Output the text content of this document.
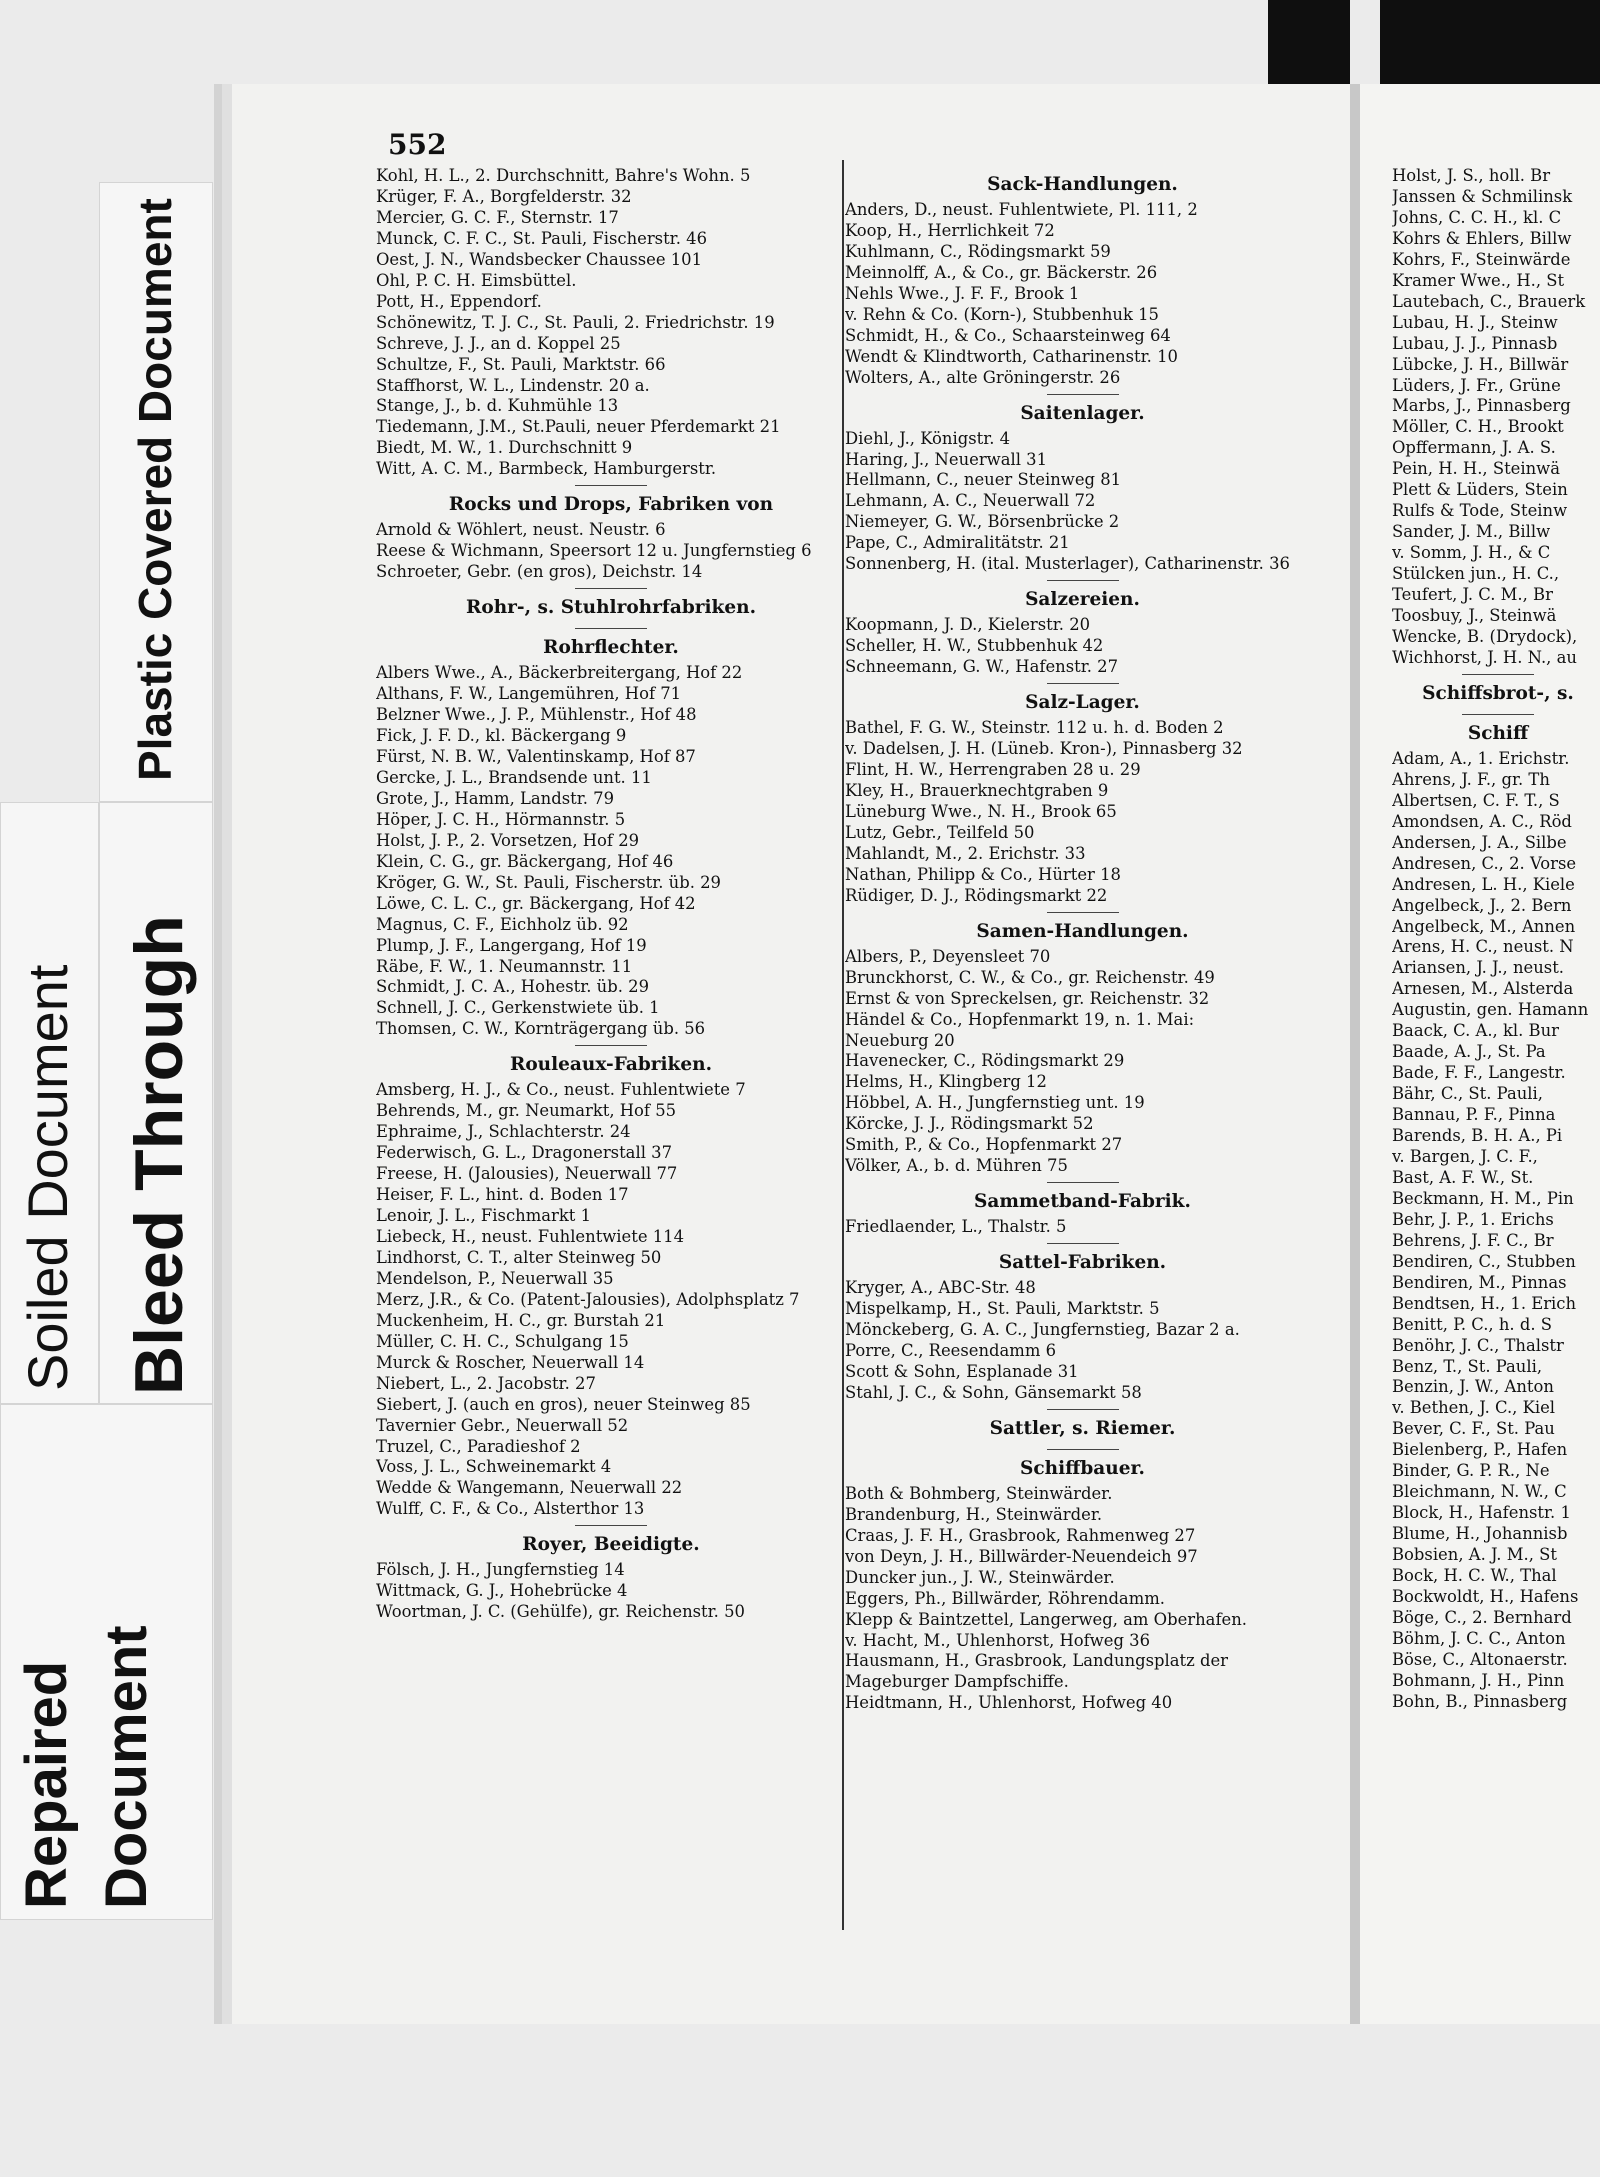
Plastic Covered Document
Soiled Document Bleed Through
Repaired Document
552
Kohl, H. L., 2. Durchschnitt, Bahre's Wohn. 5
Krüger, F. A., Borgfelderstr. 32
Mercier, G. C. F., Sternstr. 17
Munck, C. F. C., St. Pauli, Fischerstr. 46
Oest, J. N., Wandsbecker Chaussee 101
Ohl, P. C. H. Eimsbüttel.
Pott, H., Eppendorf.
Schönewitz, T. J. C., St. Pauli, 2. Friedrichstr. 19
Schreve, J. J., an d. Koppel 25
Schultze, F., St. Pauli, Marktstr. 66
Staffhorst, W. L., Lindenstr. 20 a.
Stange, J., b. d. Kuhmühle 13
Tiedemann, J.M., St.Pauli, neuer Pferdemarkt 21
Biedt, M. W., 1. Durchschnitt 9
Witt, A. C. M., Barmbeck, Hamburgerstr.
Rocks und Drops, Fabriken von
Arnold & Wöhlert, neust. Neustr. 6
Reese & Wichmann, Speersort 12 u. Jungfernstieg 6
Schroeter, Gebr. (en gros), Deichstr. 14
Rohr-, s. Stuhlrohrfabriken.
Rohrflechter.
Albers Wwe., A., Bäckerbreitergang, Hof 22
Althans, F. W., Langemühren, Hof 71
Belzner Wwe., J. P., Mühlenstr., Hof 48
Fick, J. F. D., kl. Bäckergang 9
Fürst, N. B. W., Valentinskamp, Hof 87
Gercke, J. L., Brandsende unt. 11
Grote, J., Hamm, Landstr. 79
Höper, J. C. H., Hörmannstr. 5
Holst, J. P., 2. Vorsetzen, Hof 29
Klein, C. G., gr. Bäckergang, Hof 46
Kröger, G. W., St. Pauli, Fischerstr. üb. 29
Löwe, C. L. C., gr. Bäckergang, Hof 42
Magnus, C. F., Eichholz üb. 92
Plump, J. F., Langergang, Hof 19
Räbe, F. W., 1. Neumannstr. 11
Schmidt, J. C. A., Hohestr. üb. 29
Schnell, J. C., Gerkenstwiete üb. 1
Thomsen, C. W., Kornträgergang üb. 56
Rouleaux-Fabriken.
Amsberg, H. J., & Co., neust. Fuhlentwiete 7
Behrends, M., gr. Neumarkt, Hof 55
Ephraime, J., Schlachterstr. 24
Federwisch, G. L., Dragonerstall 37
Freese, H. (Jalousies), Neuerwall 77
Heiser, F. L., hint. d. Boden 17
Lenoir, J. L., Fischmarkt 1
Liebeck, H., neust. Fuhlentwiete 114
Lindhorst, C. T., alter Steinweg 50
Mendelson, P., Neuerwall 35
Merz, J.R., & Co. (Patent-Jalousies), Adolphsplatz 7
Muckenheim, H. C., gr. Burstah 21
Müller, C. H. C., Schulgang 15
Murck & Roscher, Neuerwall 14
Niebert, L., 2. Jacobstr. 27
Siebert, J. (auch en gros), neuer Steinweg 85
Tavernier Gebr., Neuerwall 52
Truzel, C., Paradieshof 2
Voss, J. L., Schweinemarkt 4
Wedde & Wangemann, Neuerwall 22
Wulff, C. F., & Co., Alsterthor 13
Royer, Beeidigte.
Fölsch, J. H., Jungfernstieg 14
Wittmack, G. J., Hohebrücke 4
Woortman, J. C. (Gehülfe), gr. Reichenstr. 50
Sack-Handlungen.
Anders, D., neust. Fuhlentwiete, Pl. 111, 2
Koop, H., Herrlichkeit 72
Kuhlmann, C., Rödingsmarkt 59
Meinnolff, A., & Co., gr. Bäckerstr. 26
Nehls Wwe., J. F. F., Brook 1
v. Rehn & Co. (Korn-), Stubbenhuk 15
Schmidt, H., & Co., Schaarsteinweg 64
Wendt & Klindtworth, Catharinenstr. 10
Wolters, A., alte Gröningerstr. 26
Saitenlager.
Diehl, J., Königstr. 4
Haring, J., Neuerwall 31
Hellmann, C., neuer Steinweg 81
Lehmann, A. C., Neuerwall 72
Niemeyer, G. W., Börsenbrücke 2
Pape, C., Admiralitätstr. 21
Sonnenberg, H. (ital. Musterlager), Catharinenstr. 36
Salzereien.
Koopmann, J. D., Kielerstr. 20
Scheller, H. W., Stubbenhuk 42
Schneemann, G. W., Hafenstr. 27
Salz-Lager.
Bathel, F. G. W., Steinstr. 112 u. h. d. Boden 2
v. Dadelsen, J. H. (Lüneb. Kron-), Pinnasberg 32
Flint, H. W., Herrengraben 28 u. 29
Kley, H., Brauerknechtgraben 9
Lüneburg Wwe., N. H., Brook 65
Lutz, Gebr., Teilfeld 50
Mahlandt, M., 2. Erichstr. 33
Nathan, Philipp & Co., Hürter 18
Rüdiger, D. J., Rödingsmarkt 22
Samen-Handlungen.
Albers, P., Deyensleet 70
Brunckhorst, C. W., & Co., gr. Reichenstr. 49
Ernst & von Spreckelsen, gr. Reichenstr. 32
Händel & Co., Hopfenmarkt 19, n. 1. Mai:
Neueburg 20
Havenecker, C., Rödingsmarkt 29
Helms, H., Klingberg 12
Höbbel, A. H., Jungfernstieg unt. 19
Körcke, J. J., Rödingsmarkt 52
Smith, P., & Co., Hopfenmarkt 27
Völker, A., b. d. Mühren 75
Sammetband-Fabrik.
Friedlaender, L., Thalstr. 5
Sattel-Fabriken.
Kryger, A., ABC-Str. 48
Mispelkamp, H., St. Pauli, Marktstr. 5
Mönckeberg, G. A. C., Jungfernstieg, Bazar 2 a.
Porre, C., Reesendamm 6
Scott & Sohn, Esplanade 31
Stahl, J. C., & Sohn, Gänsemarkt 58
Sattler, s. Riemer.
Schiffbauer.
Both & Bohmberg, Steinwärder.
Brandenburg, H., Steinwärder.
Craas, J. F. H., Grasbrook, Rahmenweg 27
von Deyn, J. H., Billwärder-Neuendeich 97
Duncker jun., J. W., Steinwärder.
Eggers, Ph., Billwärder, Röhrendamm.
Klepp & Baintzettel, Langerweg, am Oberhafen.
v. Hacht, M., Uhlenhorst, Hofweg 36
Hausmann, H., Grasbrook, Landungsplatz der
Mageburger Dampfschiffe.
Heidtmann, H., Uhlenhorst, Hofweg 40
Holst, J. S., holl. Br
Janssen & Schmilinsk
Johns, C. C. H., kl. C
Kohrs & Ehlers, Billw
Kohrs, F., Steinwärde
Kramer Wwe., H., St
Lautebach, C., Brauerk
Lubau, H. J., Steinw
Lubau, J. J., Pinnasb
Lübcke, J. H., Billwär
Lüders, J. Fr., Grüne
Marbs, J., Pinnasberg
Möller, C. H., Brookt
Opffermann, J. A. S.
Pein, H. H., Steinwä
Plett & Lüders, Stein
Rulfs & Tode, Steinw
Sander, J. M., Billw
v. Somm, J. H., & C
Stülcken jun., H. C.,
Teufert, J. C. M., Br
Toosbuy, J., Steinwä
Wencke, B. (Drydock),
Wichhorst, J. H. N., au
Schiffsbrot-, s.
Schiff
Adam, A., 1. Erichstr.
Ahrens, J. F., gr. Th
Albertsen, C. F. T., S
Amondsen, A. C., Röd
Andersen, J. A., Silbe
Andresen, C., 2. Vorse
Andresen, L. H., Kiele
Angelbeck, J., 2. Bern
Angelbeck, M., Annen
Arens, H. C., neust. N
Ariansen, J. J., neust.
Arnesen, M., Alsterda
Augustin, gen. Hamann
Baack, C. A., kl. Bur
Baade, A. J., St. Pa
Bade, F. F., Langestr.
Bähr, C., St. Pauli,
Bannau, P. F., Pinna
Barends, B. H. A., Pi
v. Bargen, J. C. F.,
Bast, A. F. W., St.
Beckmann, H. M., Pin
Behr, J. P., 1. Erichs
Behrens, J. F. C., Br
Bendiren, C., Stubben
Bendiren, M., Pinnas
Bendtsen, H., 1. Erich
Benitt, P. C., h. d. S
Benöhr, J. C., Thalstr
Benz, T., St. Pauli,
Benzin, J. W., Anton
v. Bethen, J. C., Kiel
Bever, C. F., St. Pau
Bielenberg, P., Hafen
Binder, G. P. R., Ne
Bleichmann, N. W., C
Block, H., Hafenstr. 1
Blume, H., Johannisb
Bobsien, A. J. M., St
Bock, H. C. W., Thal
Bockwoldt, H., Hafens
Böge, C., 2. Bernhard
Böhm, J. C. C., Anton
Böse, C., Altonaerstr.
Bohmann, J. H., Pinn
Bohn, B., Pinnasberg
